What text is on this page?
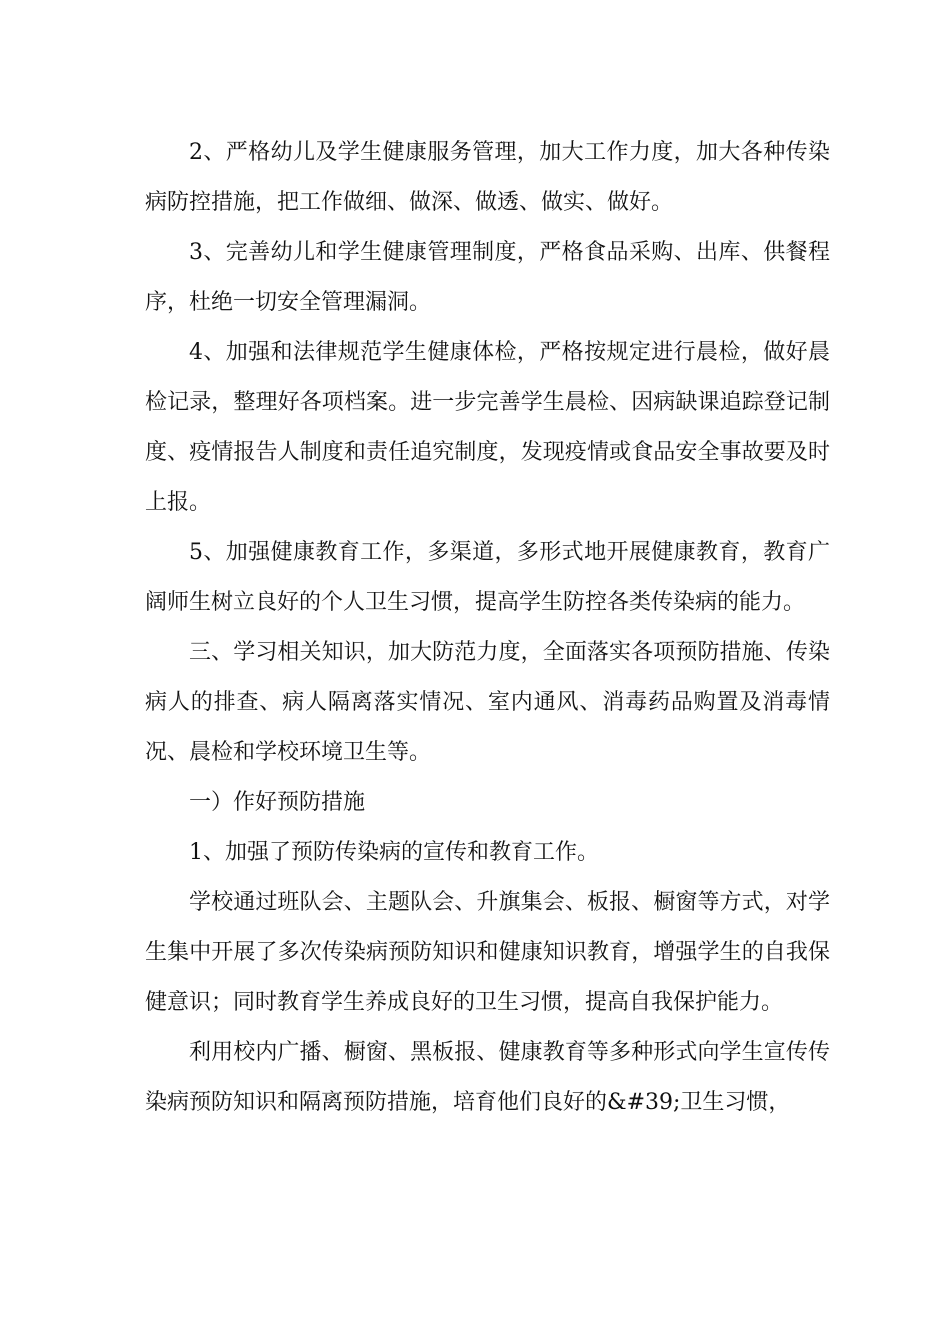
2、严格幼儿及学生健康服务管理，加大工作力度，加大各种传染病防控措施，把工作做细、做深、做透、做实、做好。

3、完善幼儿和学生健康管理制度，严格食品采购、出库、供餐程序，杜绝一切安全管理漏洞。

4、加强和法律规范学生健康体检，严格按规定进行晨检，做好晨检记录，整理好各项档案。进一步完善学生晨检、因病缺课追踪登记制度、疫情报告人制度和责任追究制度，发现疫情或食品安全事故要及时上报。

5、加强健康教育工作，多渠道，多形式地开展健康教育，教育广阔师生树立良好的个人卫生习惯，提高学生防控各类传染病的能力。

三、学习相关知识，加大防范力度，全面落实各项预防措施、传染病人的排查、病人隔离落实情况、室内通风、消毒药品购置及消毒情况、晨检和学校环境卫生等。

一）作好预防措施

1、加强了预防传染病的宣传和教育工作。

学校通过班队会、主题队会、升旗集会、板报、橱窗等方式，对学生集中开展了多次传染病预防知识和健康知识教育，增强学生的自我保健意识；同时教育学生养成良好的卫生习惯，提高自我保护能力。

利用校内广播、橱窗、黑板报、健康教育等多种形式向学生宣传传染病预防知识和隔离预防措施，培育他们良好的&#39;卫生习惯，
